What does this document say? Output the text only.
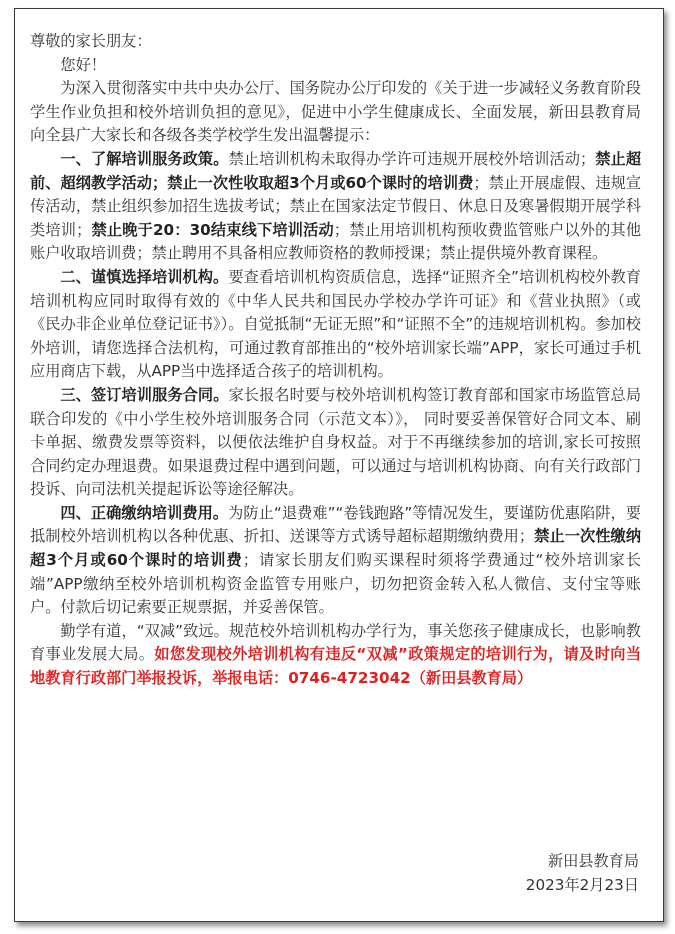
尊敬的家长朋友：

您好！

为深入贯彻落实中共中央办公厅、国务院办公厅印发的《关于进一步减轻义务教育阶段学生作业负担和校外培训负担的意见》，促进中小学生健康成长、全面发展，新田县教育局向全县广大家长和各级各类学校学生发出温馨提示：

一、了解培训服务政策。禁止培训机构未取得办学许可违规开展校外培训活动；禁止超前、超纲教学活动；禁止一次性收取超3个月或60个课时的培训费；禁止开展虚假、违规宣传活动，禁止组织参加招生选拔考试；禁止在国家法定节假日、休息日及寒暑假期开展学科类培训；禁止晚于20：30结束线下培训活动；禁止用培训机构预收费监管账户以外的其他账户收取培训费；禁止聘用不具备相应教师资格的教师授课；禁止提供境外教育课程。

二、谨慎选择培训机构。要查看培训机构资质信息，选择“证照齐全”培训机构校外教育培训机构应同时取得有效的《中华人民共和国民办学校办学许可证》和《营业执照》（或《民办非企业单位登记证书》）。自觉抵制“无证无照”和“证照不全”的违规培训机构。参加校外培训，请您选择合法机构，可通过教育部推出的“校外培训家长端”APP，家长可通过手机应用商店下载，从APP当中选择适合孩子的培训机构。

三、签订培训服务合同。家长报名时要与校外培训机构签订教育部和国家市场监管总局联合印发的《中小学生校外培训服务合同（示范文本）》， 同时要妥善保管好合同文本、刷卡单据、缴费发票等资料，以便依法维护自身权益。对于不再继续参加的培训,家长可按照合同约定办理退费。如果退费过程中遇到问题，可以通过与培训机构协商、向有关行政部门投诉、向司法机关提起诉讼等途径解决。

四、正确缴纳培训费用。为防止“退费难”“卷钱跑路”等情况发生，要谨防优惠陷阱，要抵制校外培训机构以各种优惠、折扣、送课等方式诱导超标超期缴纳费用；禁止一次性缴纳超3个月或60个课时的培训费；请家长朋友们购买课程时须将学费通过“校外培训家长端”APP缴纳至校外培训机构资金监管专用账户，切勿把资金转入私人微信、支付宝等账户。付款后切记索要正规票据，并妥善保管。

勤学有道，“双减”致远。规范校外培训机构办学行为，事关您孩子健康成长，也影响教育事业发展大局。如您发现校外培训机构有违反“双减”政策规定的培训行为，请及时向当地教育行政部门举报投诉，举报电话：0746-4723042（新田县教育局）

新田县教育局
2023年2月23日
